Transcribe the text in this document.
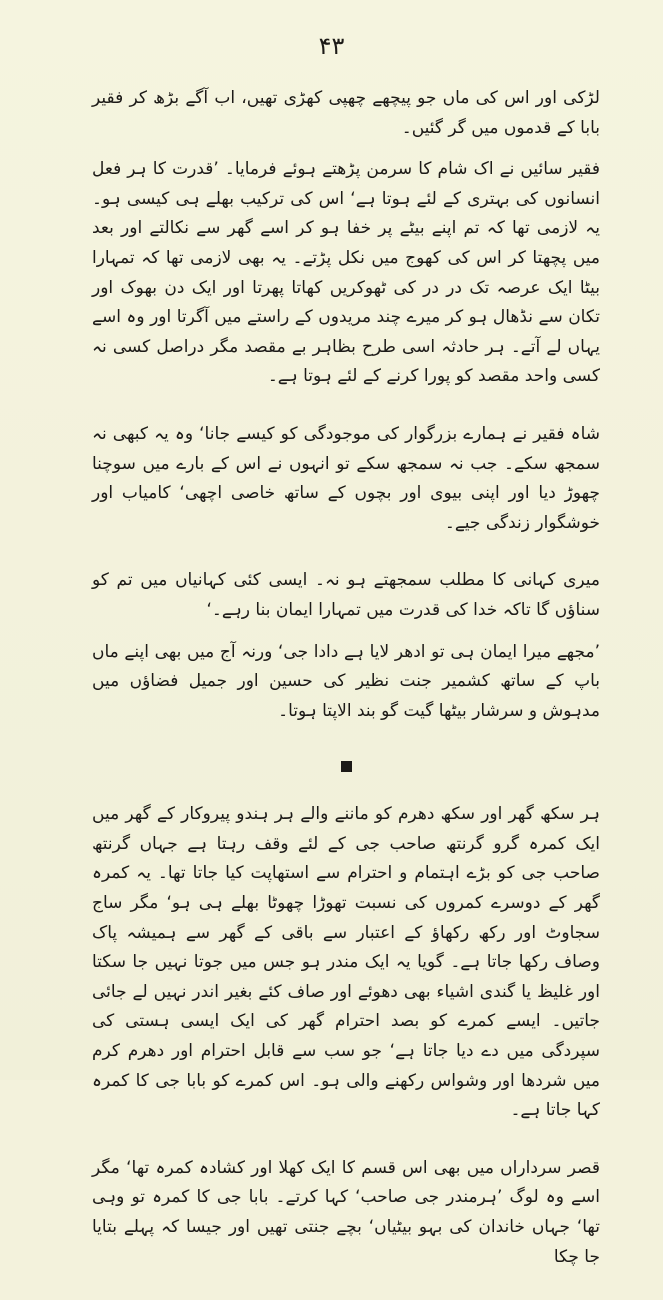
۴۳

لڑکی اور اس کی ماں جو پیچھے چھپی کھڑی تھیں، اب آگے بڑھ کر فقیر بابا کے قدموں میں گر گئیں۔

فقیر سائیں نے اک شام کا سرمن پڑھتے ہوئے فرمایا۔ ’قدرت کا ہر فعل انسانوں کی بہتری کے لئے ہوتا ہے‘ اس کی ترکیب بھلے ہی کیسی ہو۔ یہ لازمی تھا کہ تم اپنے بیٹے پر خفا ہو کر اسے گھر سے نکالتے اور بعد میں پچھتا کر اس کی کھوج میں نکل پڑتے۔ یہ بھی لازمی تھا کہ تمہارا بیٹا ایک عرصہ تک در در کی ٹھوکریں کھاتا پھرتا اور ایک دن بھوک اور تکان سے نڈھال ہو کر میرے چند مریدوں کے راستے میں آگرتا اور وہ اسے یہاں لے آتے۔ ہر حادثہ اسی طرح بظاہر بے مقصد مگر دراصل کسی نہ کسی واحد مقصد کو پورا کرنے کے لئے ہوتا ہے۔

شاہ فقیر نے ہمارے بزرگوار کی موجودگی کو کیسے جانا‘ وہ یہ کبھی نہ سمجھ سکے۔ جب نہ سمجھ سکے تو انہوں نے اس کے بارے میں سوچنا چھوڑ دیا اور اپنی بیوی اور بچوں کے ساتھ خاصی اچھی‘ کامیاب اور خوشگوار زندگی جیے۔

میری کہانی کا مطلب سمجھتے ہو نہ۔ ایسی کئی کہانیاں میں تم کو سناؤں گا تاکہ خدا کی قدرت میں تمہارا ایمان بنا رہے۔‘

’مجھے میرا ایمان ہی تو ادھر لایا ہے دادا جی‘ ورنہ آج میں بھی اپنے ماں باپ کے ساتھ کشمیر جنت نظیر کی حسین اور جمیل فضاؤں میں مدہوش و سرشار بیٹھا گیت گو بند الاپتا ہوتا۔

ہر سکھ گھر اور سکھ دھرم کو ماننے والے ہر ہندو پیروکار کے گھر میں ایک کمرہ گرو گرنتھ صاحب جی کے لئے وقف رہتا ہے جہاں گرنتھ صاحب جی کو بڑے اہتمام و احترام سے استھاپت کیا جاتا تھا۔ یہ کمرہ گھر کے دوسرے کمروں کی نسبت تھوڑا چھوٹا بھلے ہی ہو‘ مگر ساج سجاوٹ اور رکھ رکھاؤ کے اعتبار سے باقی کے گھر سے ہمیشہ پاک وصاف رکھا جاتا ہے۔ گویا یہ ایک مندر ہو جس میں جوتا نہیں جا سکتا اور غلیظ یا گندی اشیاء بھی دھوئے اور صاف کئے بغیر اندر نہیں لے جائی جاتیں۔ ایسے کمرے کو بصد احترام گھر کی ایک ایسی ہستی کی سپردگی میں دے دیا جاتا ہے‘ جو سب سے قابل احترام اور دھرم کرم میں شردھا اور وشواس رکھنے والی ہو۔ اس کمرے کو بابا جی کا کمرہ کہا جاتا ہے۔

قصر سرداراں میں بھی اس قسم کا ایک کھلا اور کشادہ کمرہ تھا‘ مگر اسے وہ لوگ ’ہرمندر جی صاحب‘ کہا کرتے۔ بابا جی کا کمرہ تو وہی تھا‘ جہاں خاندان کی بہو بیٹیاں‘ بچے جنتی تھیں اور جیسا کہ پہلے بتایا جا چکا
